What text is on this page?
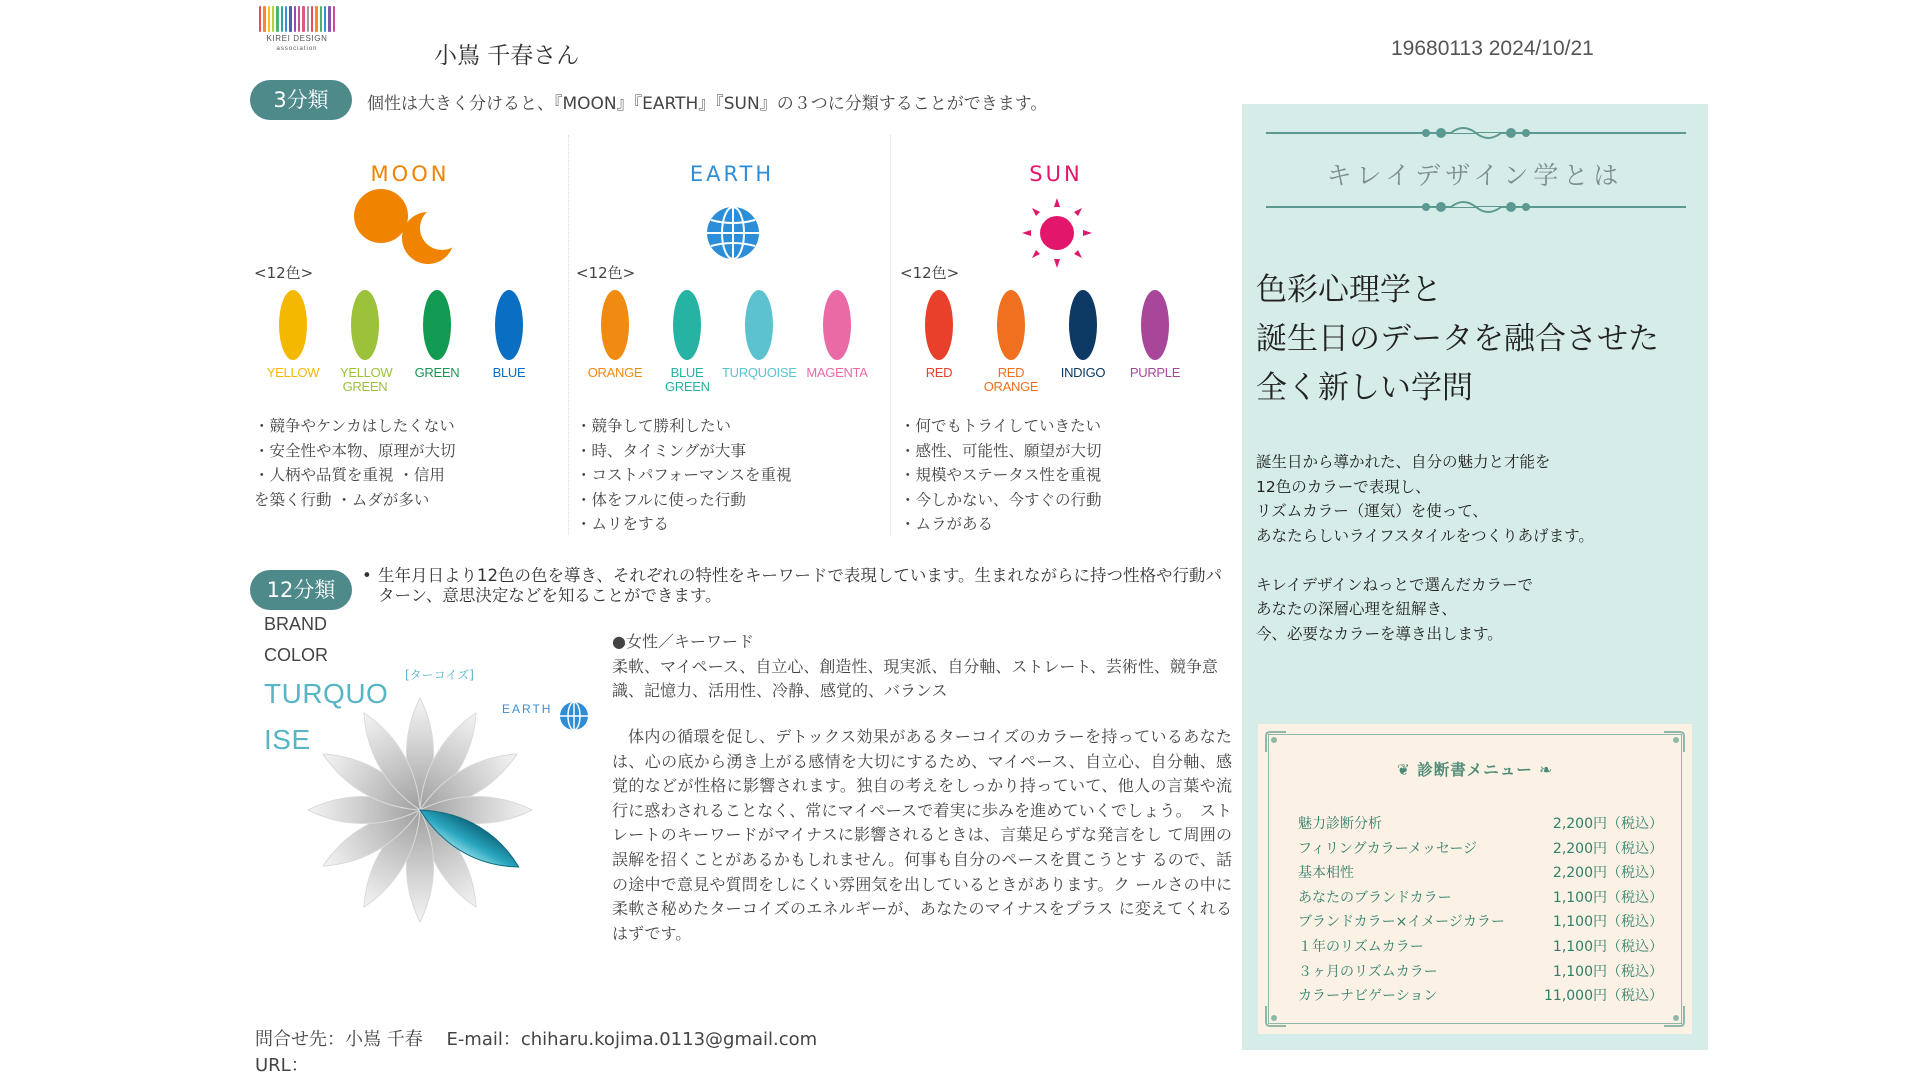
KIREI DESIGN
association	小嶌 千春さん	19680113 2024/10/21
3分類	個性は大きく分けると、『MOON』『EARTH』『SUN』の３つに分類することができます。
MOON
<12色>
YELLOW	YELLOW GREEN
GREEN	BLUE
・競争やケンカはしたくない
・安全性や本物、原理が大切
・人柄や品質を重視 ・信用
を築く行動 ・ムダが多い
EARTH
<12色>
ORANGE	BLUE GREEN
TURQUOISE MAGENTA
・競争して勝利したい
・時、タイミングが大事
・コストパフォーマンスを重視
・体をフルに使った行動
・ムリをする
SUN
<12色>
RED	RED ORANGE
INDIGO	PURPLE
・何でもトライしていきたい
・感性、可能性、願望が大切
・規模やステータス性を重視
・今しかない、今すぐの行動
・ムラがある
12分類
• 生年月日より12色の色を導き、それぞれの特性をキーワードで表現しています。生まれながらに持つ性格や行動パターン、意思決定などを知ることができます。
BRAND
COLOR
TURQUO
ISE
[ターコイズ]
EARTH
●女性／キーワード
柔軟、マイペース、自立心、創造性、現実派、自分軸、ストレート、芸術性、競争意識、記憶力、活用性、冷静、感覚的、バランス
体内の循環を促し、デトックス効果があるターコイズのカラーを持っているあなたは、心の底から湧き上がる感情を大切にするため、マイペース、自立心、自分軸、感覚的などが性格に影響されます。独自の考えをしっかり持っていて、他人の言葉や流行に惑わされることなく、常にマイペースで着実に歩みを進めていくでしょう。　ストレートのキーワードがマイナスに影響されるときは、言葉足らずな発言をし て周囲の誤解を招くことがあるかもしれません。何事も自分のペースを貫こうとす るので、話の途中で意見や質問をしにくい雰囲気を出しているときがあります。ク ールさの中に柔軟さ秘めたターコイズのエネルギーが、あなたのマイナスをプラス に変えてくれるはずです。
問合せ先：小嶌 千春　 E-mail：chiharu.kojima.0113@gmail.com　URL：
キレイデザイン学とは
色彩心理学と
誕生日のデータを融合させた
全く新しい学問
誕生日から導かれた、自分の魅力と才能を
12色のカラーで表現し、
リズムカラー（運気）を使って、
あなたらしいライフスタイルをつくりあげます。
キレイデザインねっとで選んだカラーで
あなたの深層心理を紐解き、
今、必要なカラーを導き出します。
❦ 診断書メニュー ❧
魅力診断分析	2,200円（税込）
フィリングカラーメッセージ	2,200円（税込）
基本相性	2,200円（税込）
あなたのブランドカラー	1,100円（税込）
ブランドカラー×イメージカラー	1,100円（税込）
１年のリズムカラー	1,100円（税込）
３ヶ月のリズムカラー	1,100円（税込）
カラーナビゲーション	11,000円（税込）
